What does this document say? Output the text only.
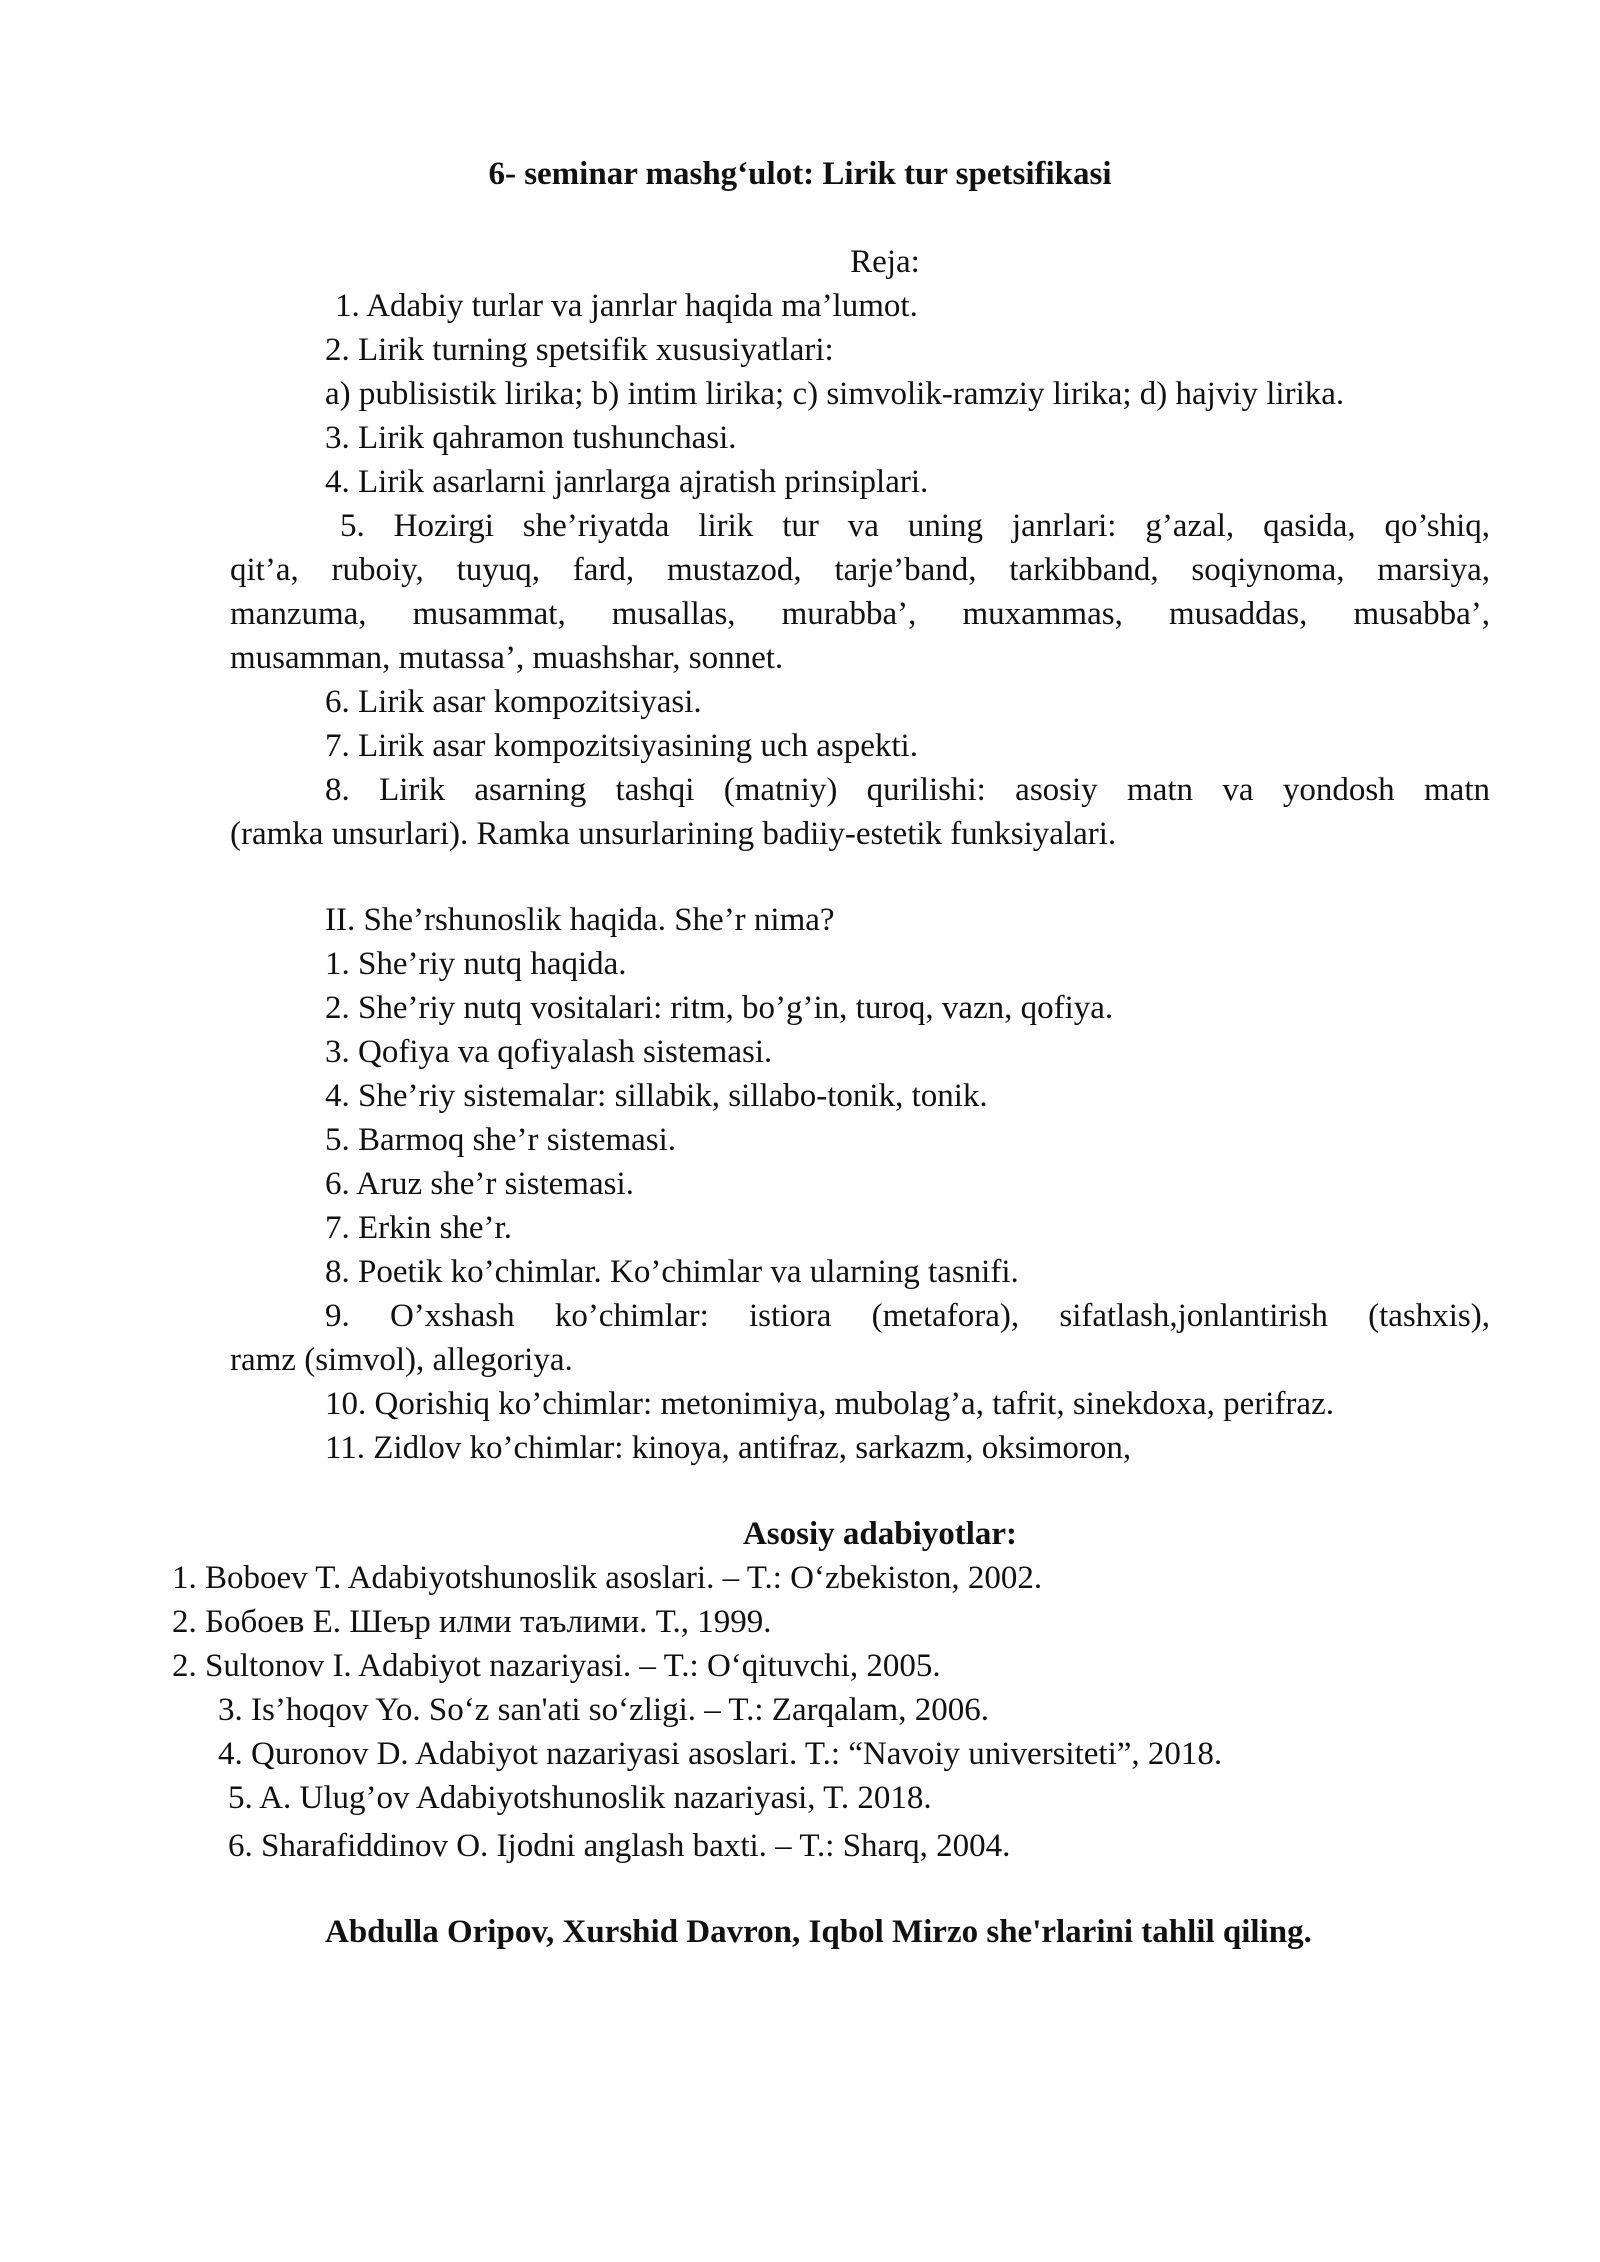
6- seminar mashg‘ulot: Lirik tur spetsifikasi
Reja:
1. Adabiy turlar va janrlar haqida ma’lumot.
2. Lirik turning spetsifik xususiyatlari:
a) publisistik lirika; b) intim lirika; c) simvolik-ramziy lirika; d) hajviy lirika.
3. Lirik qahramon tushunchasi.
4. Lirik asarlarni janrlarga ajratish prinsiplari.
5. Hozirgi she’riyatda lirik tur va uning janrlari: g’azal, qasida, qo’shiq,
qit’a, ruboiy, tuyuq, fard, mustazod, tarje’band, tarkibband, soqiynoma, marsiya,
manzuma, musammat, musallas, murabba’, muxammas, musaddas, musabba’,
musamman, mutassa’, muashshar, sonnet.
6. Lirik asar kompozitsiyasi.
7. Lirik asar kompozitsiyasining uch aspekti.
8. Lirik asarning tashqi (matniy) qurilishi: asosiy matn va yondosh matn
(ramka unsurlari). Ramka unsurlarining badiiy-estetik funksiyalari.
II. She’rshunoslik haqida. She’r nima?
1. She’riy nutq haqida.
2. She’riy nutq vositalari: ritm, bo’g’in, turoq, vazn, qofiya.
3. Qofiya va qofiyalash sistemasi.
4. She’riy sistemalar: sillabik, sillabo-tonik, tonik.
5. Barmoq she’r sistemasi.
6. Aruz she’r sistemasi.
7. Erkin she’r.
8. Poetik ko’chimlar. Ko’chimlar va ularning tasnifi.
9. O’xshash ko’chimlar: istiora (metafora), sifatlash,jonlantirish (tashxis),
ramz (simvol), allegoriya.
10. Qorishiq ko’chimlar: metonimiya, mubolag’a, tafrit, sinekdoxa, perifraz.
11. Zidlov ko’chimlar: kinoya, antifraz, sarkazm, oksimoron,
Asosiy adabiyotlar:
1. Boboev T. Adabiyotshunoslik asoslari. – T.: O‘zbekiston, 2002.
2. Бобоев Е. Шеър илми таълими. Т., 1999.
2. Sultonov I. Adabiyot nazariyasi. – T.: O‘qituvchi, 2005.
3. Is’hoqov Yo. So‘z san'ati so‘zligi. – T.: Zarqalam, 2006.
4. Quronov D. Adabiyot nazariyasi asoslari. T.: “Navoiy universiteti”, 2018.
5. A. Ulug’ov Adabiyotshunoslik nazariyasi, T. 2018.
6. Sharafiddinov O. Ijodni anglash baxti. – T.: Sharq, 2004.
Abdulla Oripov, Xurshid Davron, Iqbol Mirzo she'rlarini tahlil qiling.
